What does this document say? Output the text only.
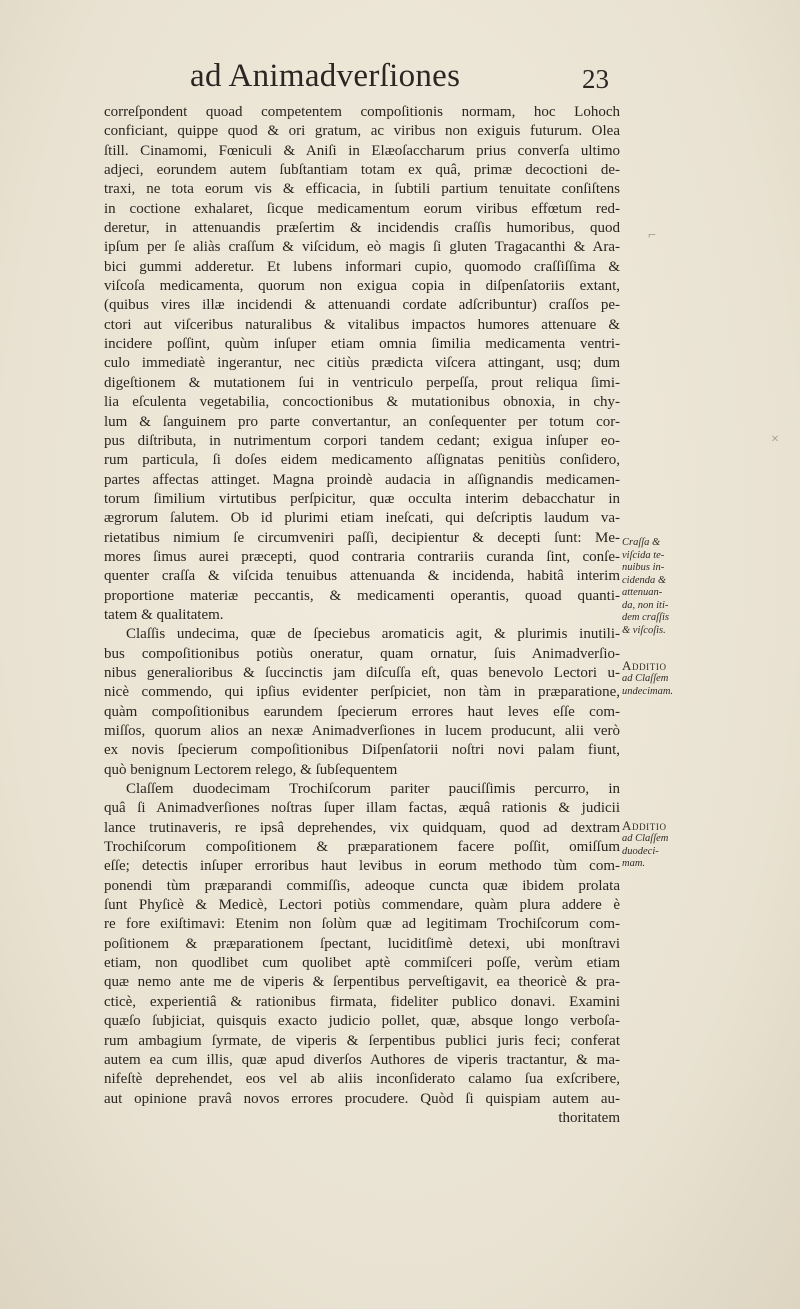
ad Animadverſiones	23
correſpondent quoad competentem compoſitionis normam, hoc Lohoch
conficiant, quippe quod & ori gratum, ac viribus non exiguis futurum. Olea
ſtill. Cinamomi, Fœniculi & Aniſi in Elæoſaccharum prius converſa ultimo
adjeci, eorundem autem ſubſtantiam totam ex quâ, primæ decoctioni de-
traxi, ne tota eorum vis & efficacia, in ſubtili partium tenuitate conſiſtens
in coctione exhalaret, ſicque medicamentum eorum viribus effœtum red-
deretur, in attenuandis præſertim & incidendis craſſis humoribus, quod
ipſum per ſe aliàs craſſum & viſcidum, eò magis ſi gluten Tragacanthi & Ara-
bici gummi adderetur. Et lubens informari cupio, quomodo craſſiſſima &
viſcoſa medicamenta, quorum non exigua copia in diſpenſatoriis extant,
(quibus vires illæ incidendi & attenuandi cordate adſcribuntur) craſſos pe-
ctori aut viſceribus naturalibus & vitalibus impactos humores attenuare &
incidere poſſint, quùm inſuper etiam omnia ſimilia medicamenta ventri-
culo immediatè ingerantur, nec citiùs prædicta viſcera attingant, usq; dum
digeſtionem & mutationem ſui in ventriculo perpeſſa, prout reliqua ſimi-
lia eſculenta vegetabilia, concoctionibus & mutationibus obnoxia, in chy-
lum & ſanguinem pro parte convertantur, an conſequenter per totum cor-
pus diſtributa, in nutrimentum corpori tandem cedant; exigua inſuper eo-
rum particula, ſi doſes eidem medicamento aſſignatas penitiùs conſidero,
partes affectas attinget. Magna proindè audacia in aſſignandis medicamen-
torum ſimilium virtutibus perſpicitur, quæ occulta interim debacchatur in
ægrorum ſalutem. Ob id plurimi etiam ineſcati, qui deſcriptis laudum va-
rietatibus nimium ſe circumveniri paſſi, decipientur & decepti ſunt: Me-
mores ſimus aurei præcepti, quod contraria contrariis curanda ſint, conſe-
quenter craſſa & viſcida tenuibus attenuanda & incidenda, habitâ interim
proportione materiæ peccantis, & medicamenti operantis, quoad quanti-
tatem & qualitatem.
Claſſis undecima, quæ de ſpeciebus aromaticis agit, & plurimis inutili-
bus compoſitionibus potiùs oneratur, quam ornatur, ſuis Animadverſio-
nibus generalioribus & ſuccinctis jam diſcuſſa eſt, quas benevolo Lectori u-
nicè commendo, qui ipſius evidenter perſpiciet, non tàm in præparatione,
quàm compoſitionibus earundem ſpecierum errores haut leves eſſe com-
miſſos, quorum alios an nexæ Animadverſiones in lucem producunt, alii verò
ex novis ſpecierum compoſitionibus Diſpenſatorii noſtri novi palam fiunt,
quò benignum Lectorem relego, & ſubſequentem
Claſſem duodecimam Trochiſcorum pariter pauciſſimis percurro, in
quâ ſi Animadverſiones noſtras ſuper illam factas, æquâ rationis & judicii
lance trutinaveris, re ipsâ deprehendes, vix quidquam, quod ad dextram
Trochiſcorum compoſitionem & præparationem facere poſſit, omiſſum
eſſe; detectis inſuper erroribus haut levibus in eorum methodo tùm com-
ponendi tùm præparandi commiſſis, adeoque cuncta quæ ibidem prolata
ſunt Phyſicè & Medicè, Lectori potiùs commendare, quàm plura addere è
re fore exiſtimavi: Etenim non ſolùm quæ ad legitimam Trochiſcorum com-
poſitionem & præparationem ſpectant, luciditſimè detexi, ubi monſtravi
etiam, non quodlibet cum quolibet aptè commiſceri poſſe, verùm etiam
quæ nemo ante me de viperis & ſerpentibus perveſtigavit, ea theoricè & pra-
cticè, experientiâ & rationibus firmata, fideliter publico donavi. Examini
quæſo ſubjiciat, quisquis exacto judicio pollet, quæ, absque longo verboſa-
rum ambagium ſyrmate, de viperis & ſerpentibus publici juris feci; conferat
autem ea cum illis, quæ apud diverſos Authores de viperis tractantur, & ma-
nifeſtè deprehendet, eos vel ab aliis inconſiderato calamo ſua exſcribere,
aut opinione pravâ novos errores procudere. Quòd ſi quispiam autem au-
thoritatem
Craſſa &
viſcida te-
nuibus in-
cidenda &
attenuan-
da, non iti-
dem craſſis
& viſcoſis.
Additio
ad Claſſem
undecimam.
Additio
ad Claſſem
duodeci-
mam.
×
⌐
